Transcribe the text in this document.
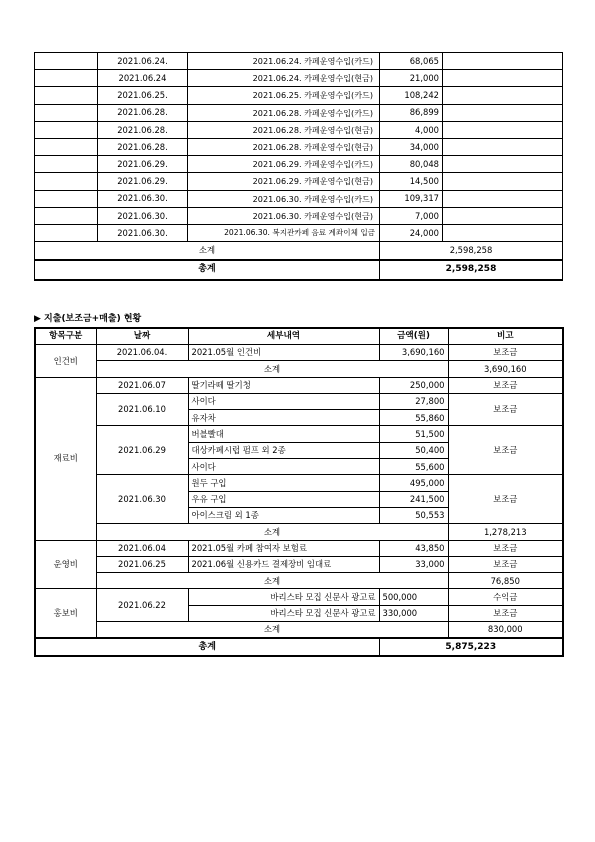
	2021.06.24.	2021.06.24. 카페운영수입(카드)	68,065	
	2021.06.24	2021.06.24. 카페운영수입(현금)	21,000	
	2021.06.25.	2021.06.25. 카페운영수입(카드)	108,242	
	2021.06.28.	2021.06.28. 카페운영수입(카드)	86,899	
	2021.06.28.	2021.06.28. 카페운영수입(현금)	4,000	
	2021.06.28.	2021.06.28. 카페운영수입(현금)	34,000	
	2021.06.29.	2021.06.29. 카페운영수입(카드)	80,048	
	2021.06.29.	2021.06.29. 카페운영수입(현금)	14,500	
	2021.06.30.	2021.06.30. 카페운영수입(카드)	109,317	
	2021.06.30.	2021.06.30. 카페운영수입(현금)	7,000	
	2021.06.30.	2021.06.30. 복지관카페 음료 계좌이체 입금	24,000	
소계			2,598,258	
총계			2,598,258	

▶ 지출(보조금+매출) 현황

항목구분	날짜	세부내역	금액(원)	비고
인건비	2021.06.04.	2021.05월 인건비	3,690,160	보조금
	소계			3,690,160
재료비	2021.06.07	딸기라떼 딸기청	250,000	보조금
	2021.06.10	사이다	27,800	보조금
		유자차	55,860	
	2021.06.29	버블빨대	51,500	보조금
		대상카페시럽 펌프 외 2종	50,400	
		사이다	55,600	
	2021.06.30	원두 구입	495,000	보조금
		우유 구입	241,500	
		아이스크림 외 1종	50,553	
	소계			1,278,213
운영비	2021.06.04	2021.05월 카페 참여자 보험료	43,850	보조금
	2021.06.25	2021.06월 신용카드 결제장비 임대료	33,000	보조금
	소계			76,850
홍보비	2021.06.22	바리스타 모집 신문사 광고료	500,000	수익금
		바리스타 모집 신문사 광고료	330,000	보조금
	소계			830,000
총계			5,875,223	
